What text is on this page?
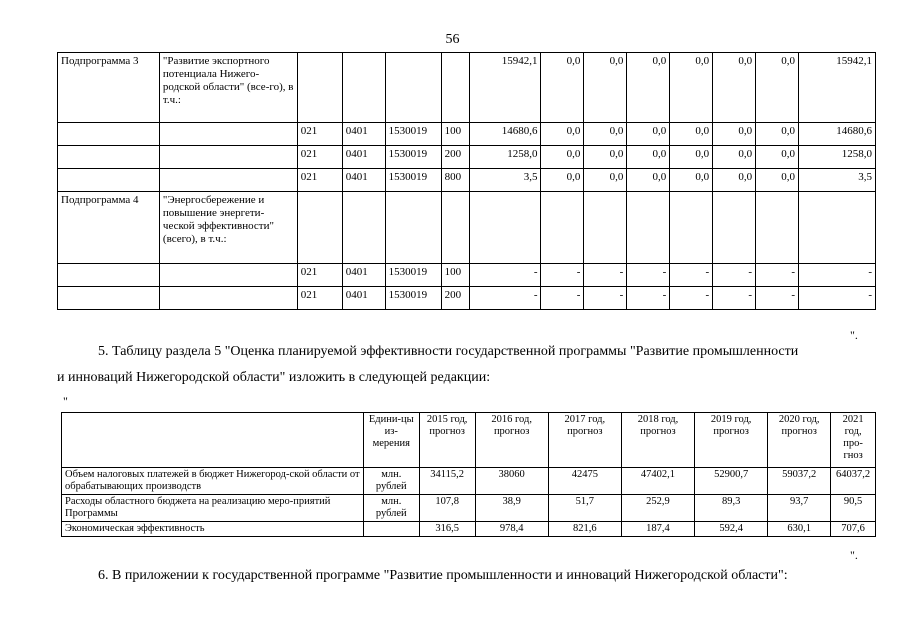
56
Подпрограмма 3	"Развитие экспортного потенциала Нижего-родской области" (все-го), в т.ч.:					15942,1	0,0	0,0	0,0	0,0	0,0	0,0	15942,1
		021	0401	1530019	100	14680,6	0,0	0,0	0,0	0,0	0,0	0,0	14680,6
		021	0401	1530019	200	1258,0	0,0	0,0	0,0	0,0	0,0	0,0	1258,0
		021	0401	1530019	800	3,5	0,0	0,0	0,0	0,0	0,0	0,0	3,5
Подпрограмма 4	"Энергосбережение и повышение энергети-ческой эффективности" (всего), в т.ч.:												
		021	0401	1530019	100	-	-	-	-	-	-	-	-
		021	0401	1530019	200	-	-	-	-	-	-	-	-
".
5. Таблицу раздела 5 "Оценка планируемой эффективности государственной программы "Развитие промышленности
и инноваций Нижегородской области" изложить в следующей редакции:
"
	Едини-цы из-мерения	2015 год, прогноз	2016 год, прогноз	2017 год, прогноз	2018 год, прогноз	2019 год, прогноз	2020 год, прогноз	2021 год, про-гноз
Объем налоговых платежей в бюджет Нижегород-ской области от обрабатывающих производств	млн. рублей	34115,2	38060	42475	47402,1	52900,7	59037,2	64037,2
Расходы областного бюджета на реализацию меро-приятий Программы	млн. рублей	107,8	38,9	51,7	252,9	89,3	93,7	90,5
Экономическая эффективность		316,5	978,4	821,6	187,4	592,4	630,1	707,6
".
6. В приложении к государственной программе "Развитие промышленности и инноваций Нижегородской области":
